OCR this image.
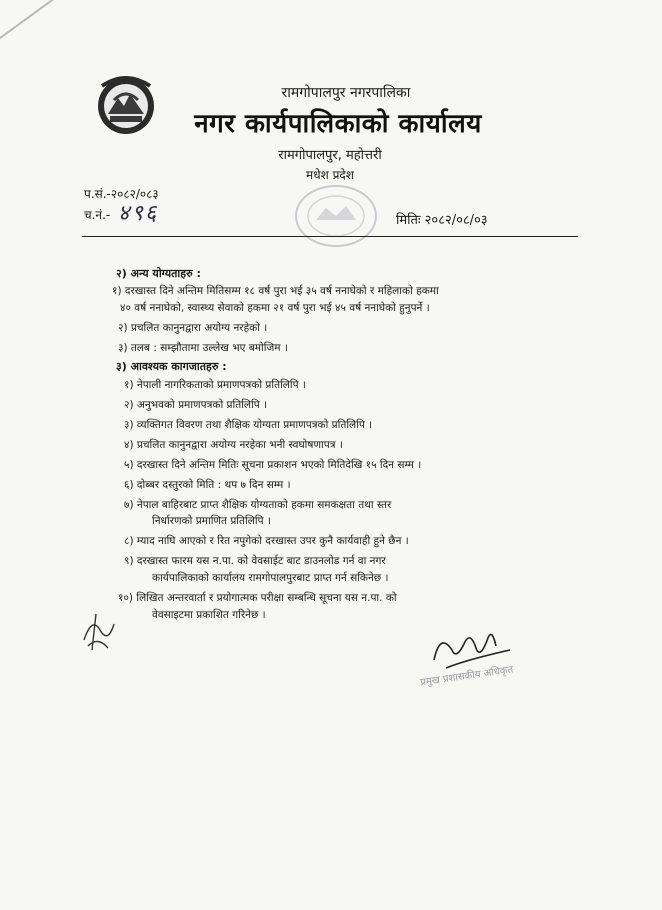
रामगोपालपुर नगरपालिका
नगर कार्यपालिकाको कार्यालय
रामगोपालपुर, महोत्तरी
मधेश प्रदेश
प.सं.-२०८२/०८३
च.नं.- ४९६	मितिः २०८२/०८/०३
२) अन्य योग्यताहरु :
१) दरखास्त दिने अन्तिम मितिसम्म १८ वर्ष पुरा भई ३५ वर्ष ननाघेको र महिलाको हकमा
४० वर्ष ननाघेको, स्वास्थ्य सेवाको हकमा २१ वर्ष पुरा भई ४५ वर्ष ननाघेको हुनुपर्ने ।
२) प्रचलित कानुनद्वारा अयोग्य नरहेको ।
३) तलब : सम्झौतामा उल्लेख भए बमोजिम ।
३) आवश्यक कागजातहरु :
१) नेपाली नागरिकताको प्रमाणपत्रको प्रतिलिपि ।
२) अनुभवको प्रमाणपत्रको प्रतिलिपि ।
३) व्यक्तिगत विवरण तथा शैक्षिक योग्यता प्रमाणपत्रको प्रतिलिपि ।
४) प्रचलित कानुनद्वारा अयोग्य नरहेका भनी स्वघोषणापत्र ।
५) दरखास्त दिने अन्तिम मितिः सूचना प्रकाशन भएको मितिदेखि १५ दिन सम्म ।
६) दोब्बर दस्तुरको मिति : थप ७ दिन सम्म ।
७) नेपाल बाहिरबाट प्राप्त शैक्षिक योग्यताको हकमा समकक्षता तथा स्तर
निर्धारणको प्रमाणित प्रतिलिपि ।
८) म्याद नाघि आएको र रित नपुगेको दरखास्त उपर कुनै कार्यवाही हुने छैन ।
९) दरखास्त फारम यस न.पा. को वेवसाईट बाट डाउनलोड गर्न वा नगर
कार्यपालिकाको कार्यालय रामगोपालपुरबाट प्राप्त गर्न सकिनेछ ।
१०) लिखित अन्तरवार्ता र प्रयोगात्मक परीक्षा सम्बन्धि सूचना यस न.पा. को
वेवसाइटमा प्रकाशित गरिनेछ ।
प्रमुख प्रशासकीय अधिकृत
